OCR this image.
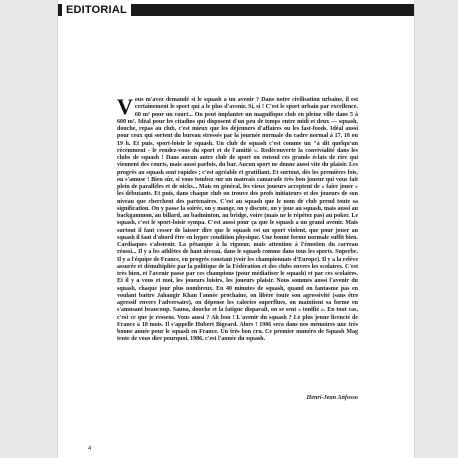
EDITORIAL
Vous m'avez demandé si le squash a un avenir ? Dans notre civilisation urbaine, il est certainement le sport qui a le plus d'avenir. Si, si ! C'est le sport urbain par excellence. 60 m² pour un court... On peut implanter un magnifique club en pleine ville dans 5 à 600 m². Idéal pour les citadins qui disposent d'un peu de temps entre midi et deux — squash, douche, repas au club, c'est mieux que les déjeuners d'affaires ou les fast-foods. Idéal aussi pour ceux qui sortent du bureau stressés par la journée normale du cadre normal à 17, 18 ou 19 h. Et puis, sport-loisir le squash. Un club de squash c'est comme un "à dit quelqu'un récemment - le rendez-vous du sport et de l'amitié ». Redécouverte la convivialité dans les clubs de squash ! Dans aucun autre club de sport on entend ces grands éclats de rire qui viennent des courts, mais aussi parfois, du bar. Aucun sport ne donne aussi vite du plaisir. Les progrès au squash sont rapides ; c'est agréable et gratifiant. Et surtout, dès les premières fois, on s'amuse ! Bien sûr, si vous tombez sur un mauvais camarade très bon joueur qui vous fait plein de parallèles et de nicks... Mais en général, les vieux joueurs acceptent de « faire jouer » les débutants. Et puis, dans chaque club on trouve des profs initiateurs et des joueurs de son niveau que cherchent des partenaires. C'est au squash que le nom de club prend toute sa signification. On y passe la soirée, on y mange, on y discute, on y joue au squash, mais aussi au backgammon, au billard, au badminton, au bridge, voire (mais ne le répétez pas) au poker. Le squash, c'est le sport-loisir sympa. C'est aussi pour ça que le squash a un grand avenir. Mais surtout il faut cesser de laisser dire que le squash est un sport violent, que pour jouer au squash il faut d'abord être en hyper condition physique. Une bonne forme normale suffit bien. Cardiaques s'abstenir. La pétanque à la rigueur, mais attention à l'émotion du carreau réussi... Il y a les athlètes de haut niveau, dans le squash comme dans tous les sports. Superbe. Il y a l'équipe de France, en progrès constant (voir les championnats d'Europe). Il y a la relève assurée et démultipliée par la politique de la Fédération et des clubs envers les scolaires. C'est très bien, et l'avenir passe par ces champions (pour médiatiser le squash) et par ces scolaires. Et il y a vous et moi, les joueurs loisirs, les joueurs plaisir. Nous sommes aussi l'avenir du squash, chaque jour plus nombreux. En 40 minutes de squash, quand on fantasme pas en voulant battre Jahangir Khan l'année prochaine, on libère toute son agressivité (sans être agressif envers l'adversaire), on dépense les calories superflues, on maintient sa forme en s'amusant beaucoup. Sauna, douche et la fatigue disparaît, on se sent « tonifié ». En tout cas, c'est ce que je ressens. Vous aussi ? Ah bon ! L'avenir du squash ? Le plus jeune licencié de France a 18 mois. Il s'appelle Hubert Bigeard. Alors ! 1986 sera dans nos mémoires une très bonne année pour le squash en France. Un très bon cru. Ce premier numéro de Squash Mag tente de vous dire pourquoi. 1986, c'est l'année du squash.
Henri-Jean Anfosso
4
